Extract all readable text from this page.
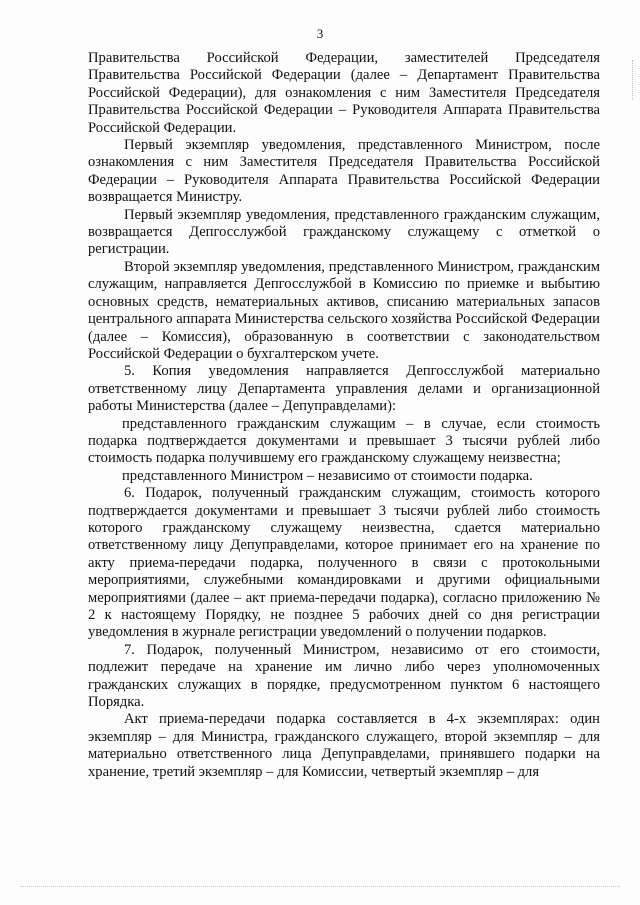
3

Правительства Российской Федерации, заместителей Председателя Правительства Российской Федерации (далее – Департамент Правительства Российской Федерации), для ознакомления с ним Заместителя Председателя Правительства Российской Федерации – Руководителя Аппарата Правительства Российской Федерации.

Первый экземпляр уведомления, представленного Министром, после ознакомления с ним Заместителя Председателя Правительства Российской Федерации – Руководителя Аппарата Правительства Российской Федерации возвращается Министру.

Первый экземпляр уведомления, представленного гражданским служащим, возвращается Депгосслужбой гражданскому служащему с отметкой о регистрации.

Второй экземпляр уведомления, представленного Министром, гражданским служащим, направляется Депгосслужбой в Комиссию по приемке и выбытию основных средств, нематериальных активов, списанию материальных запасов центрального аппарата Министерства сельского хозяйства Российской Федерации (далее – Комиссия), образованную в соответствии с законодательством Российской Федерации о бухгалтерском учете.

5. Копия уведомления направляется Депгосслужбой материально ответственному лицу Департамента управления делами и организационной работы Министерства (далее – Депуправделами):

представленного гражданским служащим – в случае, если стоимость подарка подтверждается документами и превышает 3 тысячи рублей либо стоимость подарка получившему его гражданскому служащему неизвестна;

представленного Министром – независимо от стоимости подарка.

6. Подарок, полученный гражданским служащим, стоимость которого подтверждается документами и превышает 3 тысячи рублей либо стоимость которого гражданскому служащему неизвестна, сдается материально ответственному лицу Депуправделами, которое принимает его на хранение по акту приема-передачи подарка, полученного в связи с протокольными мероприятиями, служебными командировками и другими официальными мероприятиями (далее – акт приема-передачи подарка), согласно приложению № 2 к настоящему Порядку, не позднее 5 рабочих дней со дня регистрации уведомления в журнале регистрации уведомлений о получении подарков.

7. Подарок, полученный Министром, независимо от его стоимости, подлежит передаче на хранение им лично либо через уполномоченных гражданских служащих в порядке, предусмотренном пунктом 6 настоящего Порядка.

Акт приема-передачи подарка составляется в 4-х экземплярах: один экземпляр – для Министра, гражданского служащего, второй экземпляр – для материально ответственного лица Депуправделами, принявшего подарки на хранение, третий экземпляр – для Комиссии, четвертый экземпляр – для
